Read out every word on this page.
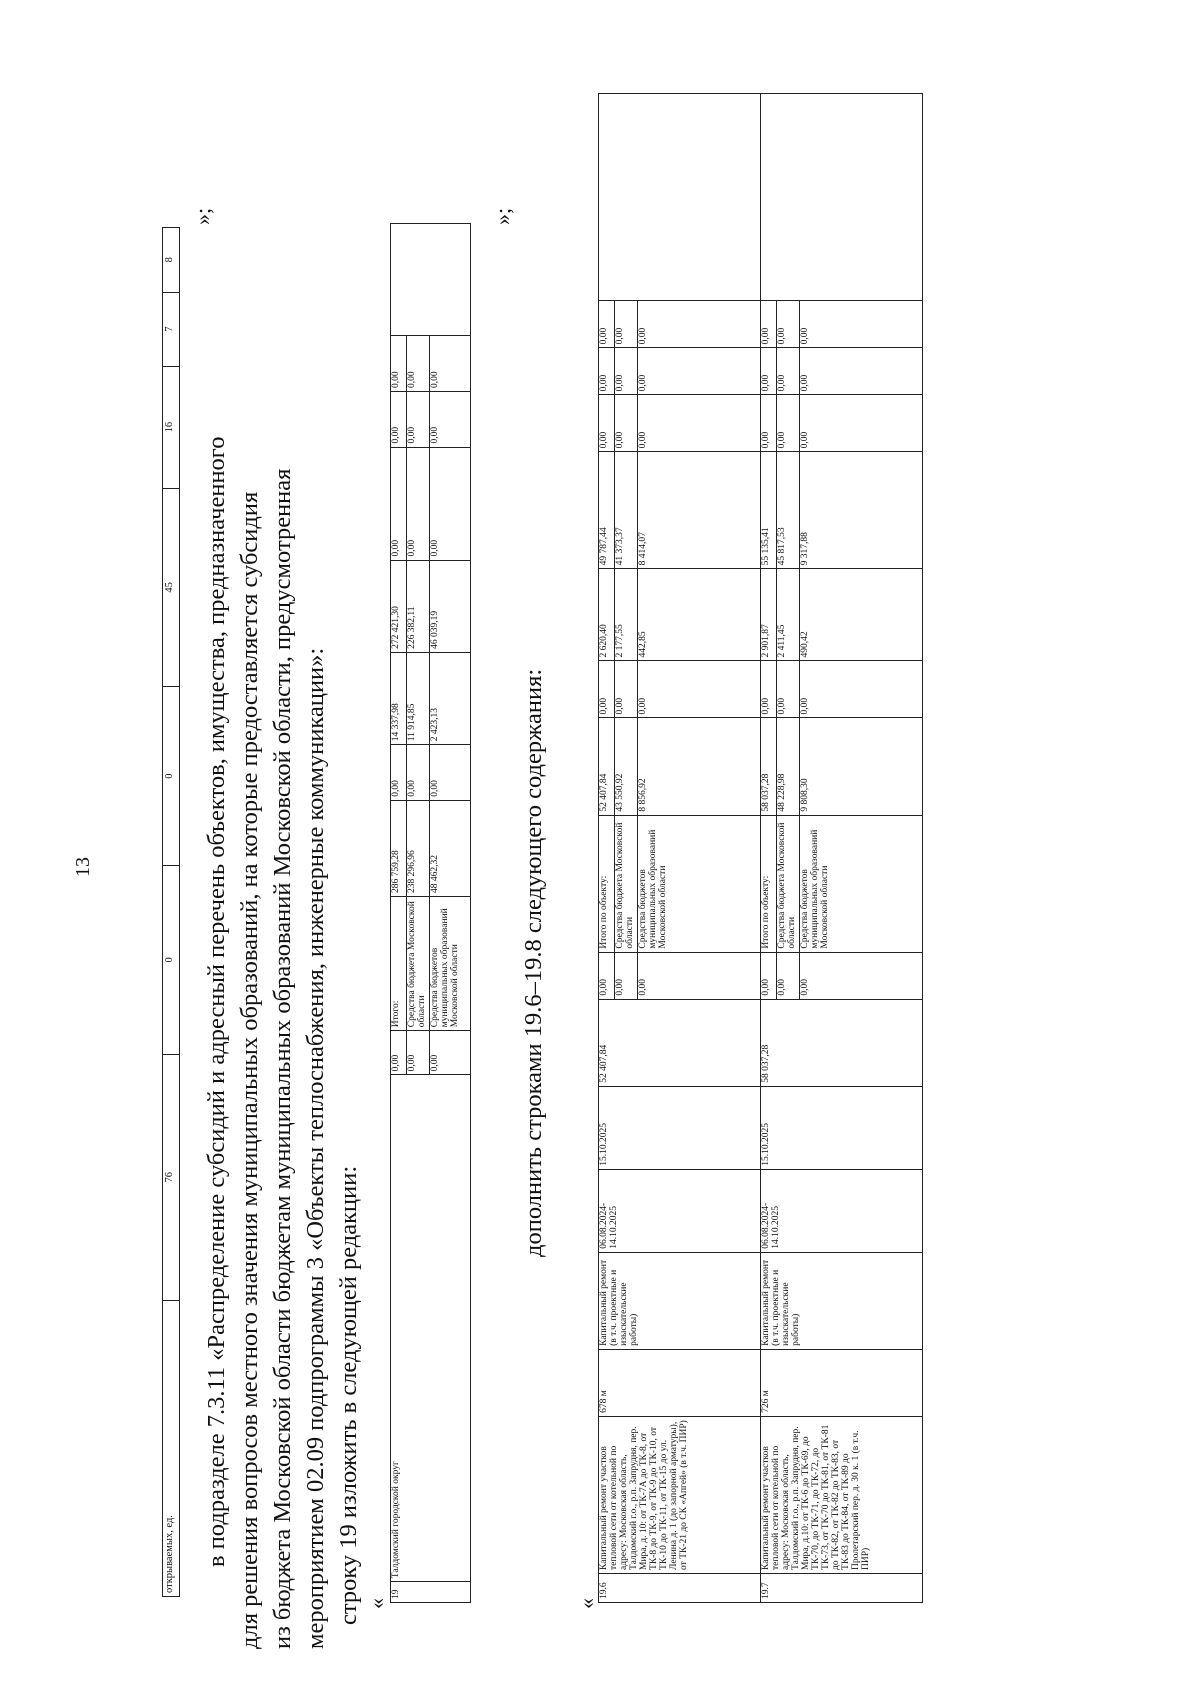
13
открываемых, ед.	76	0	0	45	16	7	8
»;
в подразделе 7.3.11 «Распределение субсидий и адресный перечень объектов, имущества, предназначенного для решения вопросов местного значения муниципальных образований, на которые предоставляется субсидия из бюджета Московской области бюджетам муниципальных образований Московской области, предусмотренная мероприятием 02.09 подпрограммы 3 «Объекты теплоснабжения, инженерные коммуникации»: строку 19 изложить в следующей редакции: «
19	Талдомский городской округ	0,00	Итого:	286 759,28	0,00	14 337,98	272 421,30	0,00	0,00	0,00	
		0,00	Средства бюджета Московской области	238 296,96	0,00	11 914,85	226 382,11	0,00	0,00	0,00	
		0,00	Средства бюджетов муниципальных образований Московской области	48 462,32	0,00	2 423,13	46 039,19	0,00	0,00	0,00	
»;
дополнить строками 19.6–19.8 следующего содержания:
«
19.6	Капитальный ремонт участков тепловой сети от котельной по адресу: Московская область, Талдомский г.о., р.п. Запрудня, пер. Мира, д. 10: от ТК-7А до ТК-8, от ТК-8 до ТК-9, от ТК-9 до ТК-10, от ТК-10 до ТК-11, от ТК-15 до ул. Ленина д. 1 (до запорной арматуры), от ТК-21 до СК «Апгей» (в т.ч. ПИР)	678 м	Капитальный ремонт (в т.ч. проектные и изыскательские работы)	06.08.2024-14.10.2025	15.10.2025	52 407,84	0,00	Итого по объекту:	52 407,84	0,00	2 620,40	49 787,44	0,00	0,00	0,00	
							0,00	Средства бюджета Московской области	43 550,92	0,00	2 177,55	41 373,37	0,00	0,00	0,00	
							0,00	Средства бюджетов муниципальных образований Московской области	8 856,92	0,00	442,85	8 414,07	0,00	0,00	0,00	
19.7	Капитальный ремонт участков тепловой сети от котельной по адресу: Московская область, Талдомский г.о., р.п. Запрудня, пер. Мира, д.10: от ТК-6 до ТК-69, до ТК-70, до ТК-71, до ТК-72, до ТК-73, от ТК-70 до ТК-81, от ТК-81 до ТК-82, от ТК-82 до ТК-83, от ТК-83 до ТК-84, от ТК-89 до Пролетарский пер. д. 30 к. 1 (в т.ч. ПИР)	726 м	Капитальный ремонт (в т.ч. проектные и изыскательские работы)	06.08.2024-14.10.2025	15.10.2025	58 037,28	0,00	Итого по объекту:	58 037,28	0,00	2 901,87	55 135,41	0,00	0,00	0,00	
							0,00	Средства бюджета Московской области	48 228,98	0,00	2 411,45	45 817,53	0,00	0,00	0,00	
							0,00	Средства бюджетов муниципальных образований Московской области	9 808,30	0,00	490,42	9 317,88	0,00	0,00	0,00	
